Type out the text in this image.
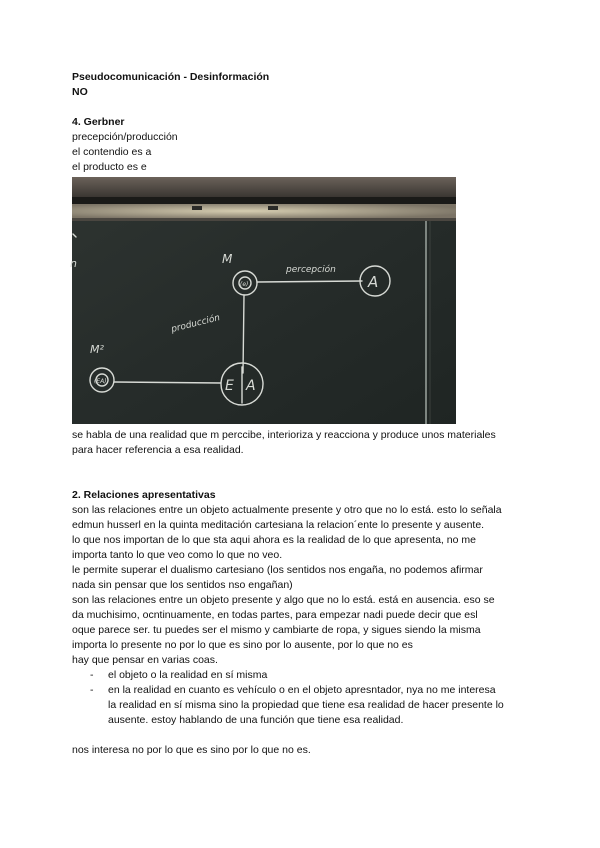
Pseudocomunicación - Desinformación
NO
4. Gerbner
precepción/producción
el contendio es a
el producto es e
M
(e)
percepción
A
producción
M²
(EA)	E A
n
se habla de una realidad que m perccibe, interioriza y reacciona y produce unos materiales
para hacer referencia a esa realidad.
2. Relaciones apresentativas
son las relaciones entre un objeto actualmente presente y otro que no lo está. esto lo señala
edmun husserl en la quinta meditación cartesiana la relacion´ente lo presente y ausente.
lo que nos importan de lo que sta aqui ahora es la realidad de lo que apresenta, no me
importa tanto lo que veo como lo que no veo.
le permite superar el dualismo cartesiano (los sentidos nos engaña, no podemos afirmar
nada sin pensar que los sentidos nso engañan)
son las relaciones entre un objeto presente y algo que no lo está. está en ausencia. eso se
da muchisimo, ocntinuamente, en todas partes, para empezar nadi puede decir que esl
oque parece ser. tu puedes ser el mismo y cambiarte de ropa, y sigues siendo la misma
importa lo presente no por lo que es sino por lo ausente, por lo que no es
hay que pensar en varias coas.
- el objeto o la realidad en sí misma
- en la realidad en cuanto es vehículo o en el objeto apresntador, nya no me interesa
la realidad en sí misma sino la propiedad que tiene esa realidad de hacer presente lo
ausente. estoy hablando de una función que tiene esa realidad.
nos interesa no por lo que es sino por lo que no es.
